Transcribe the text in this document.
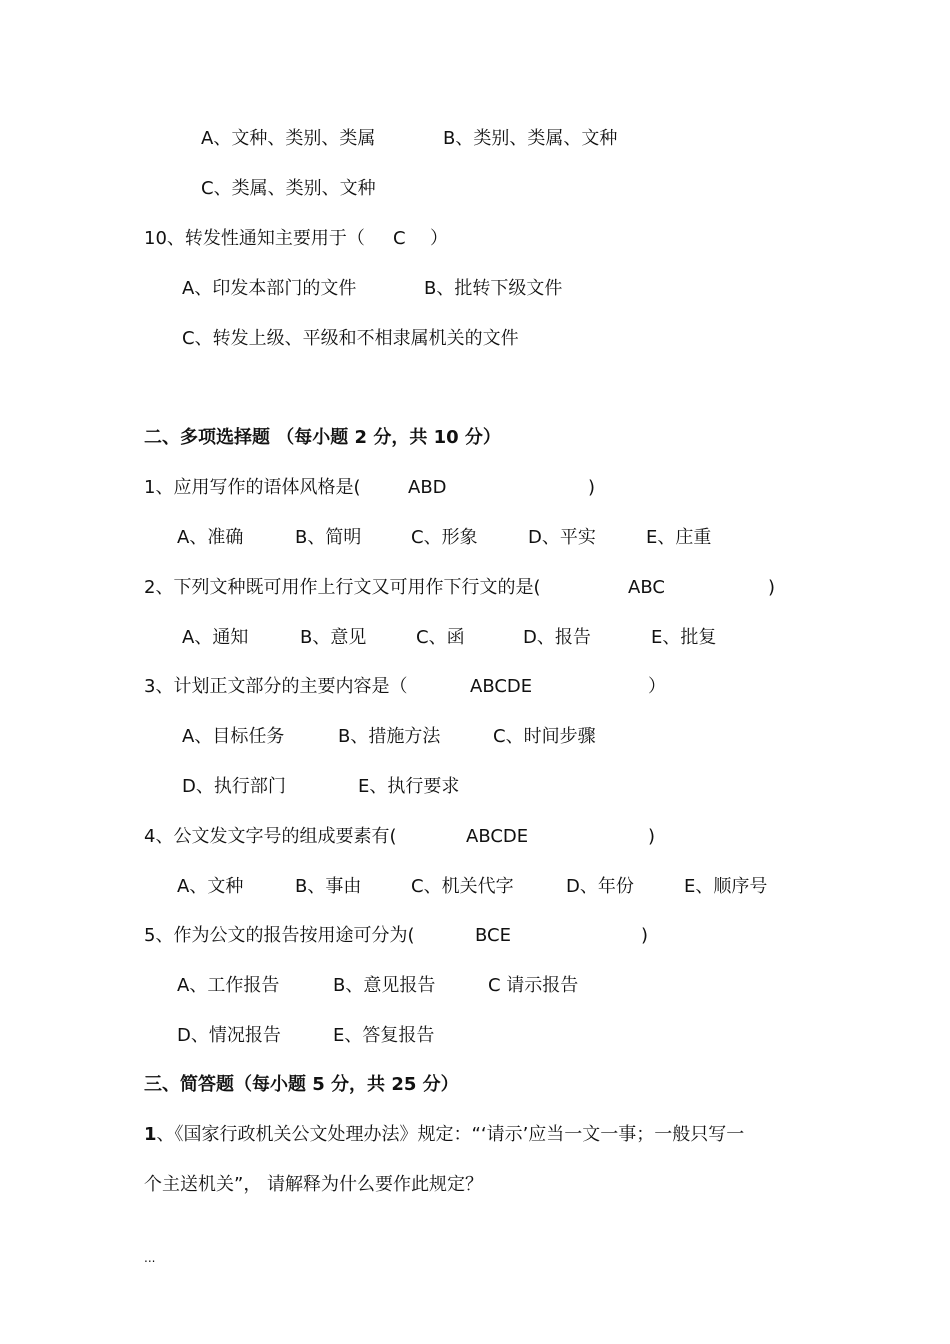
A、文种、类别、类属

	B、类别、类属、文种

C、类属、类别、文种

10、转发性通知主要用于（

C

）

A、印发本部门的文件

	B、批转下级文件

C、转发上级、平级和不相隶属机关的文件

二、多项选择题 （每小题 2 分，共 10 分）

1、应用写作的语体风格是(

	ABD

	)

A、准确

	B、简明

	C、形象

	D、平实

	E、庄重

2、下列文种既可用作上行文又可用作下行文的是(

	ABC

	)

A、通知

	B、意见

	C、函

	D、报告

	E、批复

3、计划正文部分的主要内容是（

	ABCDE

	）

A、目标任务

	B、措施方法

	C、时间步骤

D、执行部门

	E、执行要求

4、公文发文字号的组成要素有(

	ABCDE

	)

A、文种

	B、事由

	C、机关代字

	D、年份

	E、顺序号

5、作为公文的报告按用途可分为(

	BCE

	)

A、工作报告

	B、意见报告

	C 请示报告

D、情况报告

	E、答复报告

三、简答题（每小题 5 分，共 25 分）
1、《国家行政机关公文处理办法》规定：“‘请示’应当一文一事；一般只写一
个主送机关”， 请解释为什么要作此规定？
...
